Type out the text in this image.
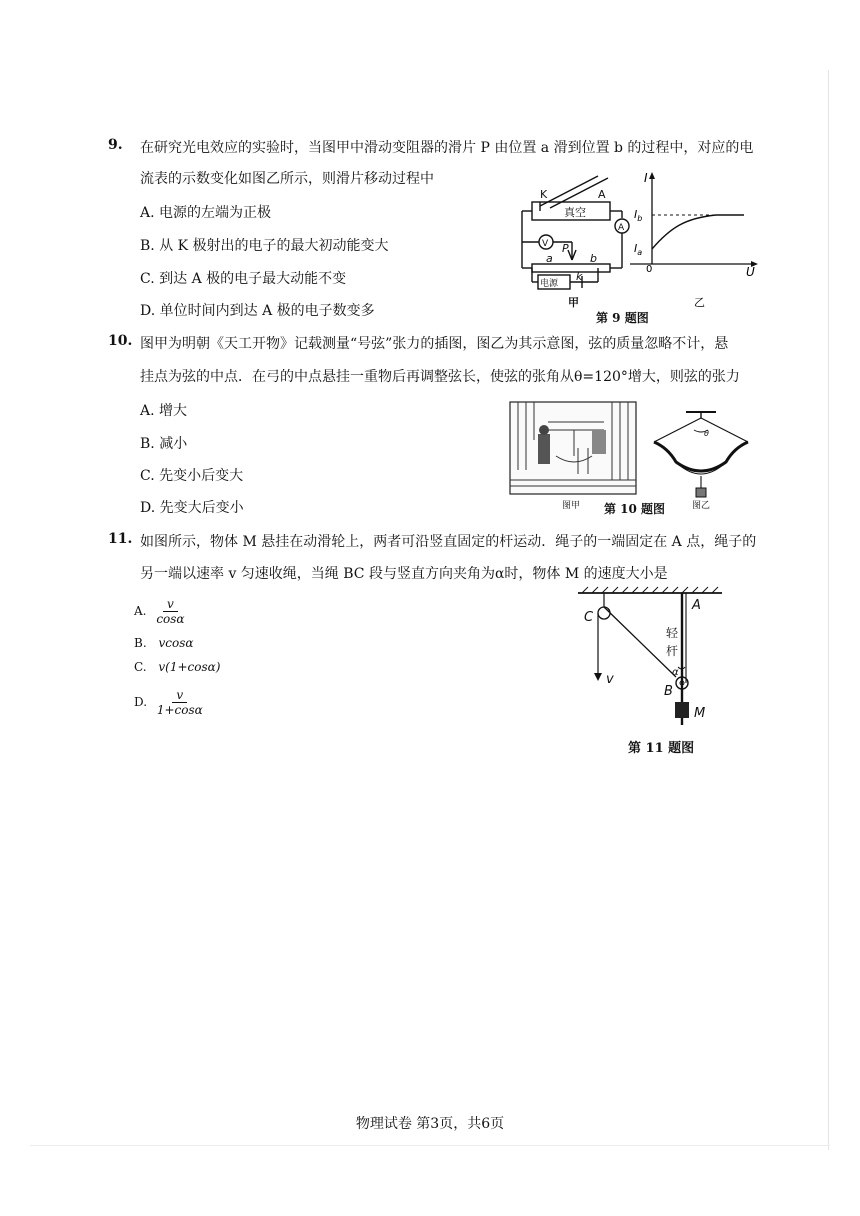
9. 在研究光电效应的实验时，当图甲中滑动变阻器的滑片 P 由位置 a 滑到位置 b 的过程中，对应的电
流表的示数变化如图乙所示，则滑片移动过程中
A. 电源的左端为正极
B. 从 K 极射出的电子的最大初动能变大
C. 到达 A 极的电子最大动能不变
D. 单位时间内到达 A 极的电子数变多
K	A
真空
A
V P
a	b
k
电源
甲
I
U
0
$I_b$
$I_a$
乙
第 9 题图
10. 图甲为明朝《天工开物》记载测量“号弦”张力的插图，图乙为其示意图，弦的质量忽略不计，悬
挂点为弦的中点．在弓的中点悬挂一重物后再调整弦长，使弦的张角从θ=120°增大，则弦的张力
A. 增大
B. 减小
C. 先变小后变大
D. 先变大后变小	图甲
θ
图乙
第 10 题图
11. 如图所示，物体 M 悬挂在动滑轮上，两者可沿竖直固定的杆运动．绳子的一端固定在 A 点，绳子的
另一端以速率 v 匀速收绳，当绳 BC 段与竖直方向夹角为α时，物体 M 的速度大小是
A. $\frac{v}{\cos\alpha}$
B. vcosα
C. v(1+cosα)
D. $\frac{v}{1+\cos\alpha}$
C
A
v
B
M
α
轻
杆
第 11 题图
物理试卷 第3页，共6页
